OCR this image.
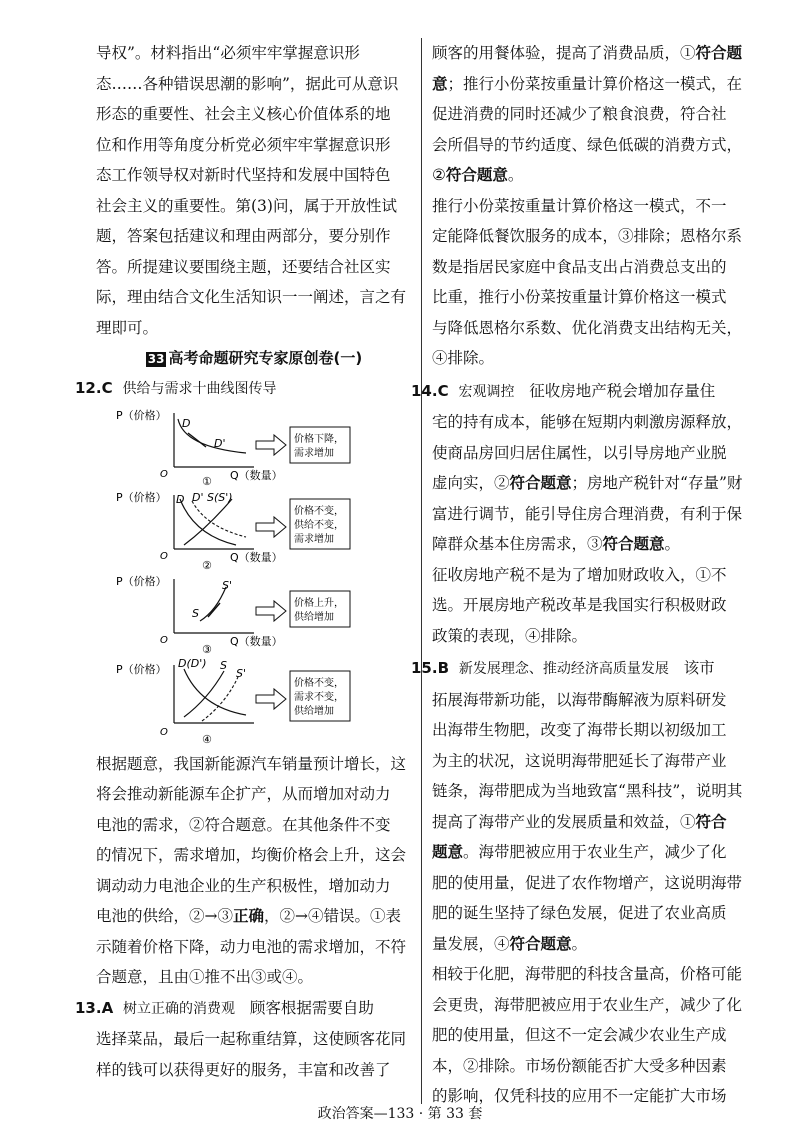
导权”。材料指出“必须牢牢掌握意识形

态……各种错误思潮的影响”，据此可从意识

形态的重要性、社会主义核心价值体系的地

位和作用等角度分析党必须牢牢掌握意识形

态工作领导权对新时代坚持和发展中国特色

社会主义的重要性。第(3)问，属于开放性试

题，答案包括建议和理由两部分，要分别作

答。所提建议要围绕主题，还要结合社区实

际，理由结合文化生活知识一一阐述，言之有

理即可。

33 高考命题研究专家原创卷(一)

12.C 供给与需求十曲线图传导

P（价格）
O	Q（数量）
D
D'
①
价格下降，
需求增加
P（价格）
O	Q（数量）
D D' S(S')
②
价格不变，
供给不变，
需求增加
P（价格）
O	Q（数量）
S
S'
③
价格上升，
供给增加
P（价格）
O
D(D') S
S'
④
价格不变，
需求不变，
供给增加

根据题意，我国新能源汽车销量预计增长，这

将会推动新能源车企扩产，从而增加对动力

电池的需求，②符合题意。在其他条件不变

的情况下，需求增加，均衡价格会上升，这会

调动动力电池企业的生产积极性，增加动力

电池的供给，②→③正确，②→④错误。①表

示随着价格下降，动力电池的需求增加，不符

合题意，且由①推不出③或④。

13.A 树立正确的消费观 顾客根据需要自助

选择菜品，最后一起称重结算，这使顾客花同

样的钱可以获得更好的服务，丰富和改善了

顾客的用餐体验，提高了消费品质，①符合题

意；推行小份菜按重量计算价格这一模式，在

促进消费的同时还减少了粮食浪费，符合社

会所倡导的节约适度、绿色低碳的消费方式，

②符合题意。

推行小份菜按重量计算价格这一模式，不一

定能降低餐饮服务的成本，③排除；恩格尔系

数是指居民家庭中食品支出占消费总支出的

比重，推行小份菜按重量计算价格这一模式

与降低恩格尔系数、优化消费支出结构无关，

④排除。

14.C 宏观调控 征收房地产税会增加存量住

宅的持有成本，能够在短期内刺激房源释放，

使商品房回归居住属性，以引导房地产业脱

虚向实，②符合题意；房地产税针对“存量”财

富进行调节，能引导住房合理消费，有利于保

障群众基本住房需求，③符合题意。

征收房地产税不是为了增加财政收入，①不

选。开展房地产税改革是我国实行积极财政

政策的表现，④排除。

15.B 新发展理念、推动经济高质量发展 该市

拓展海带新功能，以海带酶解液为原料研发

出海带生物肥，改变了海带长期以初级加工

为主的状况，这说明海带肥延长了海带产业

链条，海带肥成为当地致富“黑科技”，说明其

提高了海带产业的发展质量和效益，①符合

题意。海带肥被应用于农业生产，减少了化

肥的使用量，促进了农作物增产，这说明海带

肥的诞生坚持了绿色发展，促进了农业高质

量发展，④符合题意。

相较于化肥，海带肥的科技含量高，价格可能

会更贵，海带肥被应用于农业生产，减少了化

肥的使用量，但这不一定会减少农业生产成

本，②排除。市场份额能否扩大受多种因素

的影响，仅凭科技的应用不一定能扩大市场

政治答案—133 · 第 33 套
